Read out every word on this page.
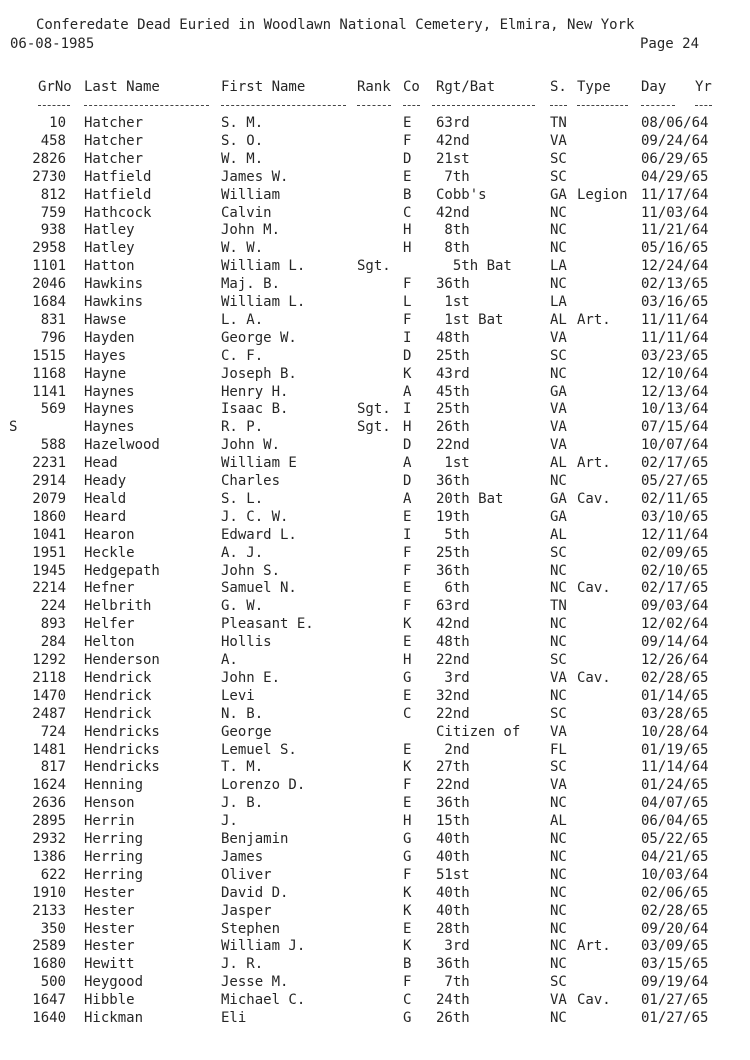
Conferedate Dead Euried in Woodlawn National Cemetery, Elmira, New York
06-08-1985	Page 24
GrNo Last Name	First Name	Rank Co Rgt/Bat	S. Type Day Yr
10 Hatcher	S. M.	E 63rd	TN	08/06/64
458 Hatcher	S. O.	F 42nd	VA	09/24/64
2826 Hatcher	W. M.	D 21st	SC	06/29/65
2730 Hatfield	James W.	E 7th	SC	04/29/65
812 Hatfield	William	B Cobb's	GA Legion 11/17/64
759 Hathcock	Calvin	C 42nd	NC	11/03/64
938 Hatley	John M.	H 8th	NC	11/21/64
2958 Hatley	W. W.	H 8th	NC	05/16/65
1101 Hatton	William L.	Sgt.	5th Bat	LA	12/24/64
2046 Hawkins	Maj. B.	F 36th	NC	02/13/65
1684 Hawkins	William L.	L 1st	LA	03/16/65
831 Hawse	L. A.	F 1st Bat	AL Art. 11/11/64
796 Hayden	George W.	I 48th	VA	11/11/64
1515 Hayes	C. F.	D 25th	SC	03/23/65
1168 Hayne	Joseph B.	K 43rd	NC	12/10/64
1141 Haynes	Henry H.	A 45th	GA	12/13/64
569 Haynes	Isaac B.	Sgt. I 25th	VA	10/13/64
S	Haynes	R. P.	Sgt. H 26th	VA	07/15/64
588 Hazelwood	John W.	D 22nd	VA	10/07/64
2231 Head	William E	A 1st	AL Art. 02/17/65
2914 Heady	Charles	D 36th	NC	05/27/65
2079 Heald	S. L.	A 20th Bat	GA Cav. 02/11/65
1860 Heard	J. C. W.	E 19th	GA	03/10/65
1041 Hearon	Edward L.	I 5th	AL	12/11/64
1951 Heckle	A. J.	F 25th	SC	02/09/65
1945 Hedgepath	John S.	F 36th	NC	02/10/65
2214 Hefner	Samuel N.	E 6th	NC Cav. 02/17/65
224 Helbrith	G. W.	F 63rd	TN	09/03/64
893 Helfer	Pleasant E.	K 42nd	NC	12/02/64
284 Helton	Hollis	E 48th	NC	09/14/64
1292 Henderson	A.	H 22nd	SC	12/26/64
2118 Hendrick	John E.	G 3rd	VA Cav. 02/28/65
1470 Hendrick	Levi	E 32nd	NC	01/14/65
2487 Hendrick	N. B.	C 22nd	SC	03/28/65
724 Hendricks	George	Citizen of VA	10/28/64
1481 Hendricks	Lemuel S.	E 2nd	FL	01/19/65
817 Hendricks	T. M.	K 27th	SC	11/14/64
1624 Henning	Lorenzo D.	F 22nd	VA	01/24/65
2636 Henson	J. B.	E 36th	NC	04/07/65
2895 Herrin	J.	H 15th	AL	06/04/65
2932 Herring	Benjamin	G 40th	NC	05/22/65
1386 Herring	James	G 40th	NC	04/21/65
622 Herring	Oliver	F 51st	NC	10/03/64
1910 Hester	David D.	K 40th	NC	02/06/65
2133 Hester	Jasper	K 40th	NC	02/28/65
350 Hester	Stephen	E 28th	NC	09/20/64
2589 Hester	William J.	K 3rd	NC Art. 03/09/65
1680 Hewitt	J. R.	B 36th	NC	03/15/65
500 Heygood	Jesse M.	F 7th	SC	09/19/64
1647 Hibble	Michael C.	C 24th	VA Cav. 01/27/65
1640 Hickman	Eli	G 26th	NC	01/27/65
